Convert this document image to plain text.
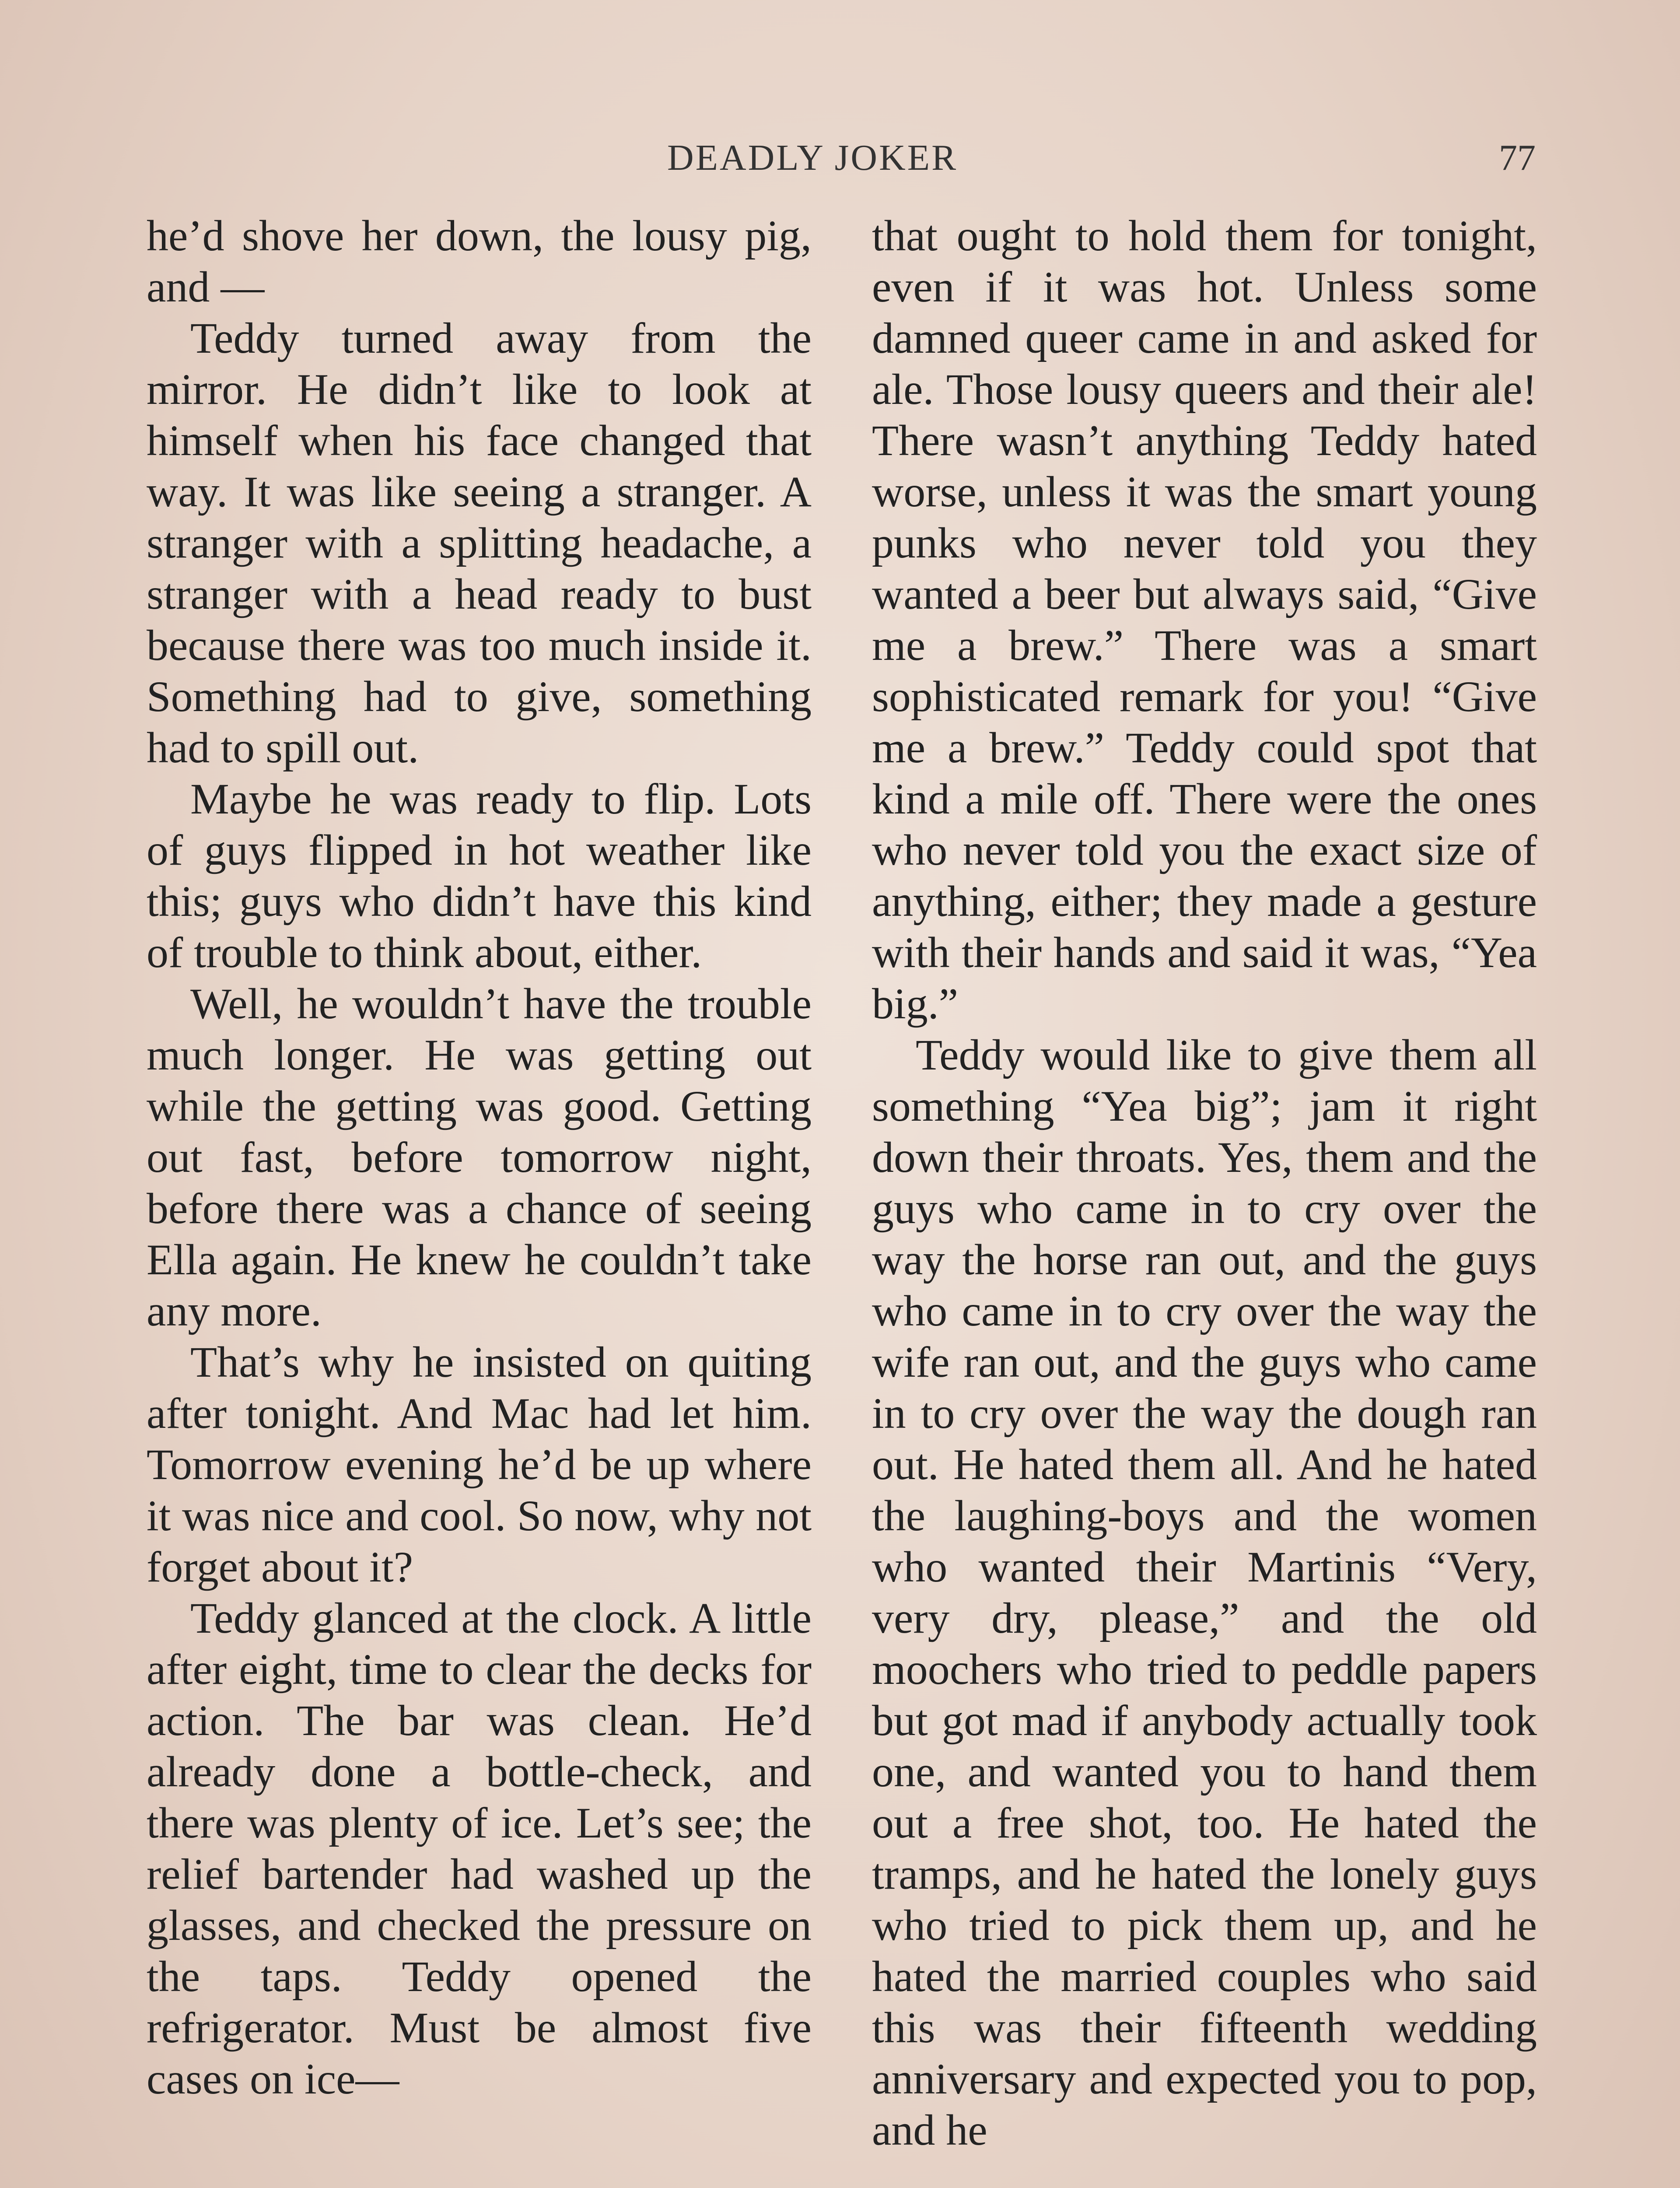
DEADLY JOKER	77

he’d shove her down, the lousy pig, and ––

Teddy turned away from the mirror. He didn’t like to look at himself when his face changed that way. It was like seeing a stranger. A stranger with a splitting headache, a stranger with a head ready to bust because there was too much inside it. Something had to give, something had to spill out.

Maybe he was ready to flip. Lots of guys flipped in hot weather like this; guys who didn’t have this kind of trouble to think about, either.

Well, he wouldn’t have the trouble much longer. He was getting out while the getting was good. Getting out fast, before tomorrow night, before there was a chance of seeing Ella again. He knew he couldn’t take any more.

That’s why he insisted on quiting after tonight. And Mac had let him. Tomorrow evening he’d be up where it was nice and cool. So now, why not forget about it?

Teddy glanced at the clock. A little after eight, time to clear the decks for action. The bar was clean. He’d already done a bottle-check, and there was plenty of ice. Let’s see; the relief bartender had washed up the glasses, and checked the pressure on the taps. Teddy opened the refrigerator. Must be almost five cases on ice—

that ought to hold them for tonight, even if it was hot. Unless some damned queer came in and asked for ale. Those lousy queers and their ale! There wasn’t anything Teddy hated worse, unless it was the smart young punks who never told you they wanted a beer but always said, “Give me a brew.” There was a smart sophisticated remark for you! “Give me a brew.” Teddy could spot that kind a mile off. There were the ones who never told you the exact size of anything, either; they made a gesture with their hands and said it was, “Yea big.”

Teddy would like to give them all something “Yea big”; jam it right down their throats. Yes, them and the guys who came in to cry over the way the horse ran out, and the guys who came in to cry over the way the wife ran out, and the guys who came in to cry over the way the dough ran out. He hated them all. And he hated the laughing-boys and the women who wanted their Martinis “Very, very dry, please,” and the old moochers who tried to peddle papers but got mad if anybody actually took one, and wanted you to hand them out a free shot, too. He hated the tramps, and he hated the lonely guys who tried to pick them up, and he hated the married couples who said this was their fifteenth wedding anniversary and expected you to pop, and he
